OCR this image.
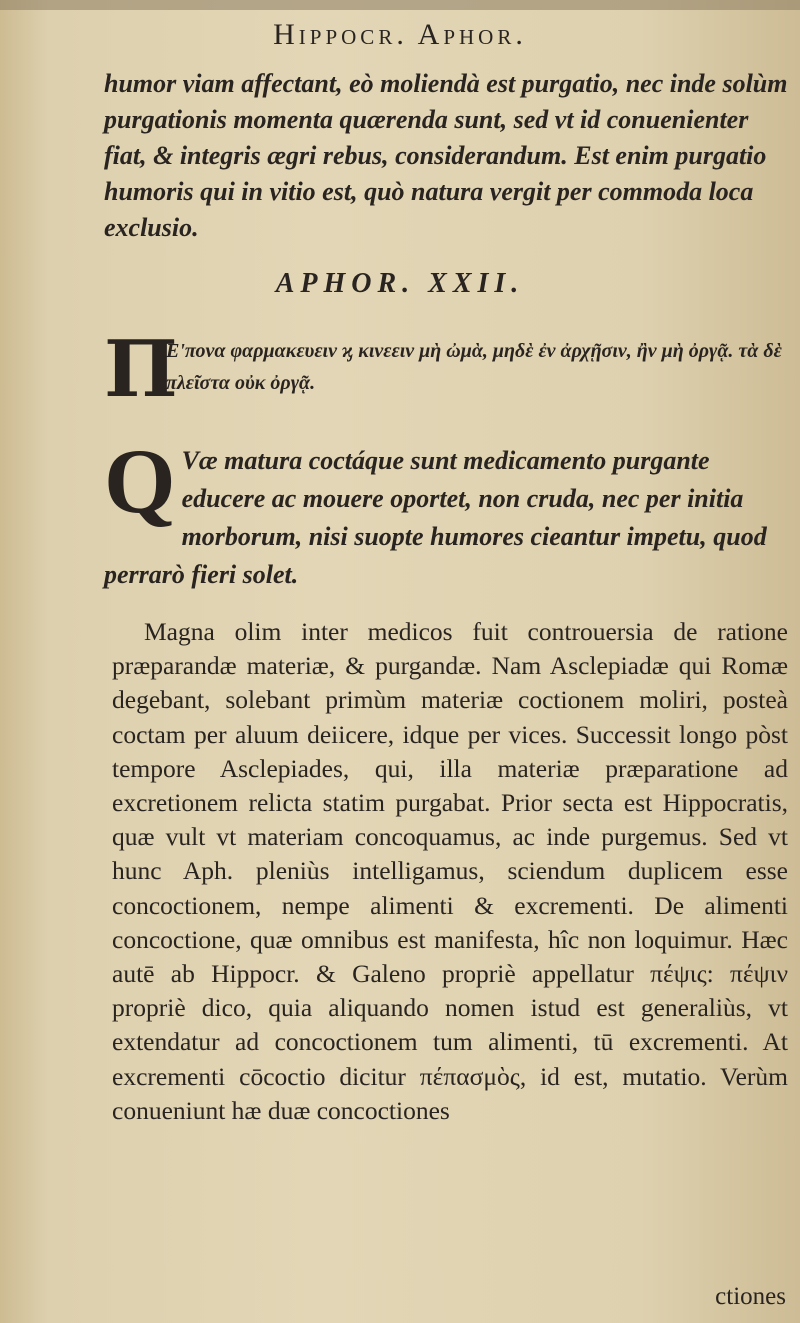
Hippocr. Aphor.
humor viam affectant, eò moliendà est purgatio, nec inde solùm purgationis momenta quærenda sunt, sed vt id conuenienter fiat, & integris ægri rebus, considerandum. Est enim purgatio humoris qui in vitio est, quò natura vergit per commoda loca exclusio.
APHOR. XXII.
Π
Ε'πονα φαρμακευειν ϗ κινεειν μὴ ὠμὰ, μηδὲ ἐν ἀρχῇσιν, ἢν μὴ ὀργᾷ. τὰ δὲ πλεῖστα οὐκ ὀργᾷ.
Q Væ matura coctáque sunt medicamento purgante educere ac mouere oportet, non cruda, nec per initia morborum, nisi suopte humores cieantur impetu, quod perrarò fieri solet.

Magna olim inter medicos fuit controuersia de ratione præparandæ materiæ, & purgandæ. Nam Asclepiadæ qui Romæ degebant, solebant primùm materiæ coctionem moliri, posteà coctam per aluum deiicere, idque per vices. Successit longo pòst tempore Asclepiades, qui, illa materiæ præparatione ad excretionem relicta statim purgabat. Prior secta est Hippocratis, quæ vult vt materiam concoquamus, ac inde purgemus. Sed vt hunc Aph. pleniùs intelligamus, sciendum duplicem esse concoctionem, nempe alimenti & excrementi. De alimenti concoctione, quæ omnibus est manifesta, hîc non loquimur. Hæc autē ab Hippocr. & Galeno propriè appellatur πέψις: πέψιν propriè dico, quia aliquando nomen istud est generaliùs, vt extendatur ad concoctionem tum alimenti, tū excrementi. At excrementi cōcoctio dicitur πέπασμὸς, id est, mutatio. Verùm conueniunt hæ duæ concoctiones

ctiones
